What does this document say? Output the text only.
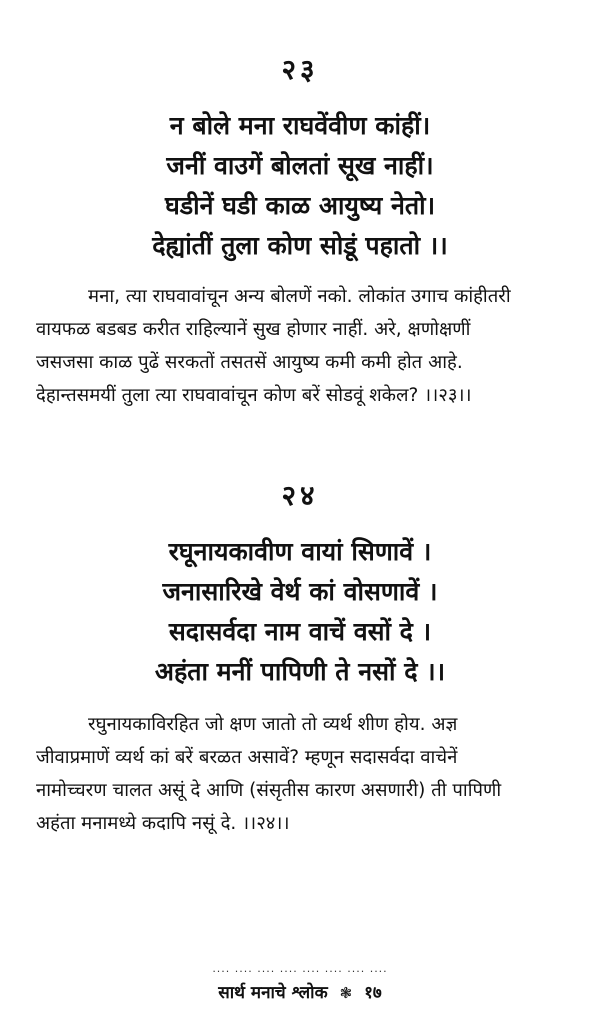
२३
न बोले मना राघवेंवीण कांहीं।
जनीं वाउगें बोलतां सूख नाहीं।
घडीनें घडी काळ आयुष्य नेतो।
देह्यांतीं तुला कोण सोडूं पहातो ।।
मना, त्या राघवावांचून अन्य बोलणें नको. लोकांत उगाच कांहीतरी
वायफळ बडबड करीत राहिल्यानें सुख होणार नाहीं. अरे, क्षणोक्षणीं
जसजसा काळ पुढें सरकतों तसतसें आयुष्य कमी कमी होत आहे.
देहान्तसमयीं तुला त्या राघवावांचून कोण बरें सोडवूं शकेल? ।।२३।।
२४
रघूनायकावीण वायां सिणावें ।
जनासारिखे वेर्थ कां वोसणावें ।
सदासर्वदा नाम वाचें वसों दे ।
अहंता मनीं पापिणी ते नसों दे ।।
रघुनायकाविरहित जो क्षण जातो तो व्यर्थ शीण होय. अज्ञ
जीवाप्रमाणें व्यर्थ कां बरें बरळत असावें? म्हणून सदासर्वदा वाचेनें
नामोच्चरण चालत असूं दे आणि (संसृतीस कारण असणारी) ती पापिणी
अहंता मनामध्ये कदापि नसूं दे. ।।२४।।
.... .... .... .... .... .... .... ....
सार्थ मनाचे श्लोक ❃ १७
